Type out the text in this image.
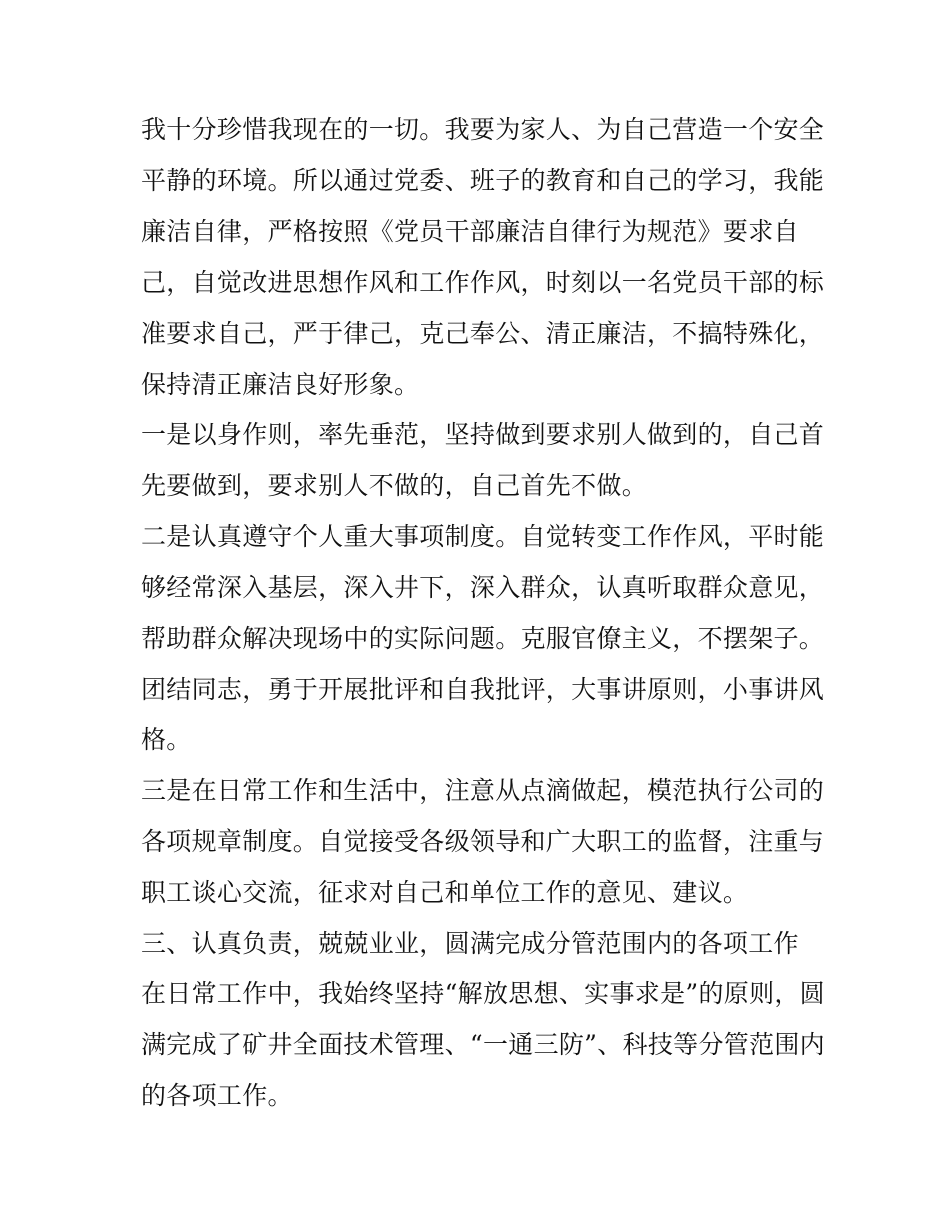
我十分珍惜我现在的一切。我要为家人、为自己营造一个安全

平静的环境。所以通过党委、班子的教育和自己的学习，我能

廉洁自律，严格按照《党员干部廉洁自律行为规范》要求自

己，自觉改进思想作风和工作作风，时刻以一名党员干部的标

准要求自己，严于律己，克己奉公、清正廉洁，不搞特殊化，

保持清正廉洁良好形象。

一是以身作则，率先垂范，坚持做到要求别人做到的，自己首

先要做到，要求别人不做的，自己首先不做。

二是认真遵守个人重大事项制度。自觉转变工作作风，平时能

够经常深入基层，深入井下，深入群众，认真听取群众意见，

帮助群众解决现场中的实际问题。克服官僚主义，不摆架子。

团结同志，勇于开展批评和自我批评，大事讲原则，小事讲风

格。

三是在日常工作和生活中，注意从点滴做起，模范执行公司的

各项规章制度。自觉接受各级领导和广大职工的监督，注重与

职工谈心交流，征求对自己和单位工作的意见、建议。

三、认真负责，兢兢业业，圆满完成分管范围内的各项工作

在日常工作中，我始终坚持“解放思想、实事求是”的原则，圆

满完成了矿井全面技术管理、“一通三防”、科技等分管范围内

的各项工作。
